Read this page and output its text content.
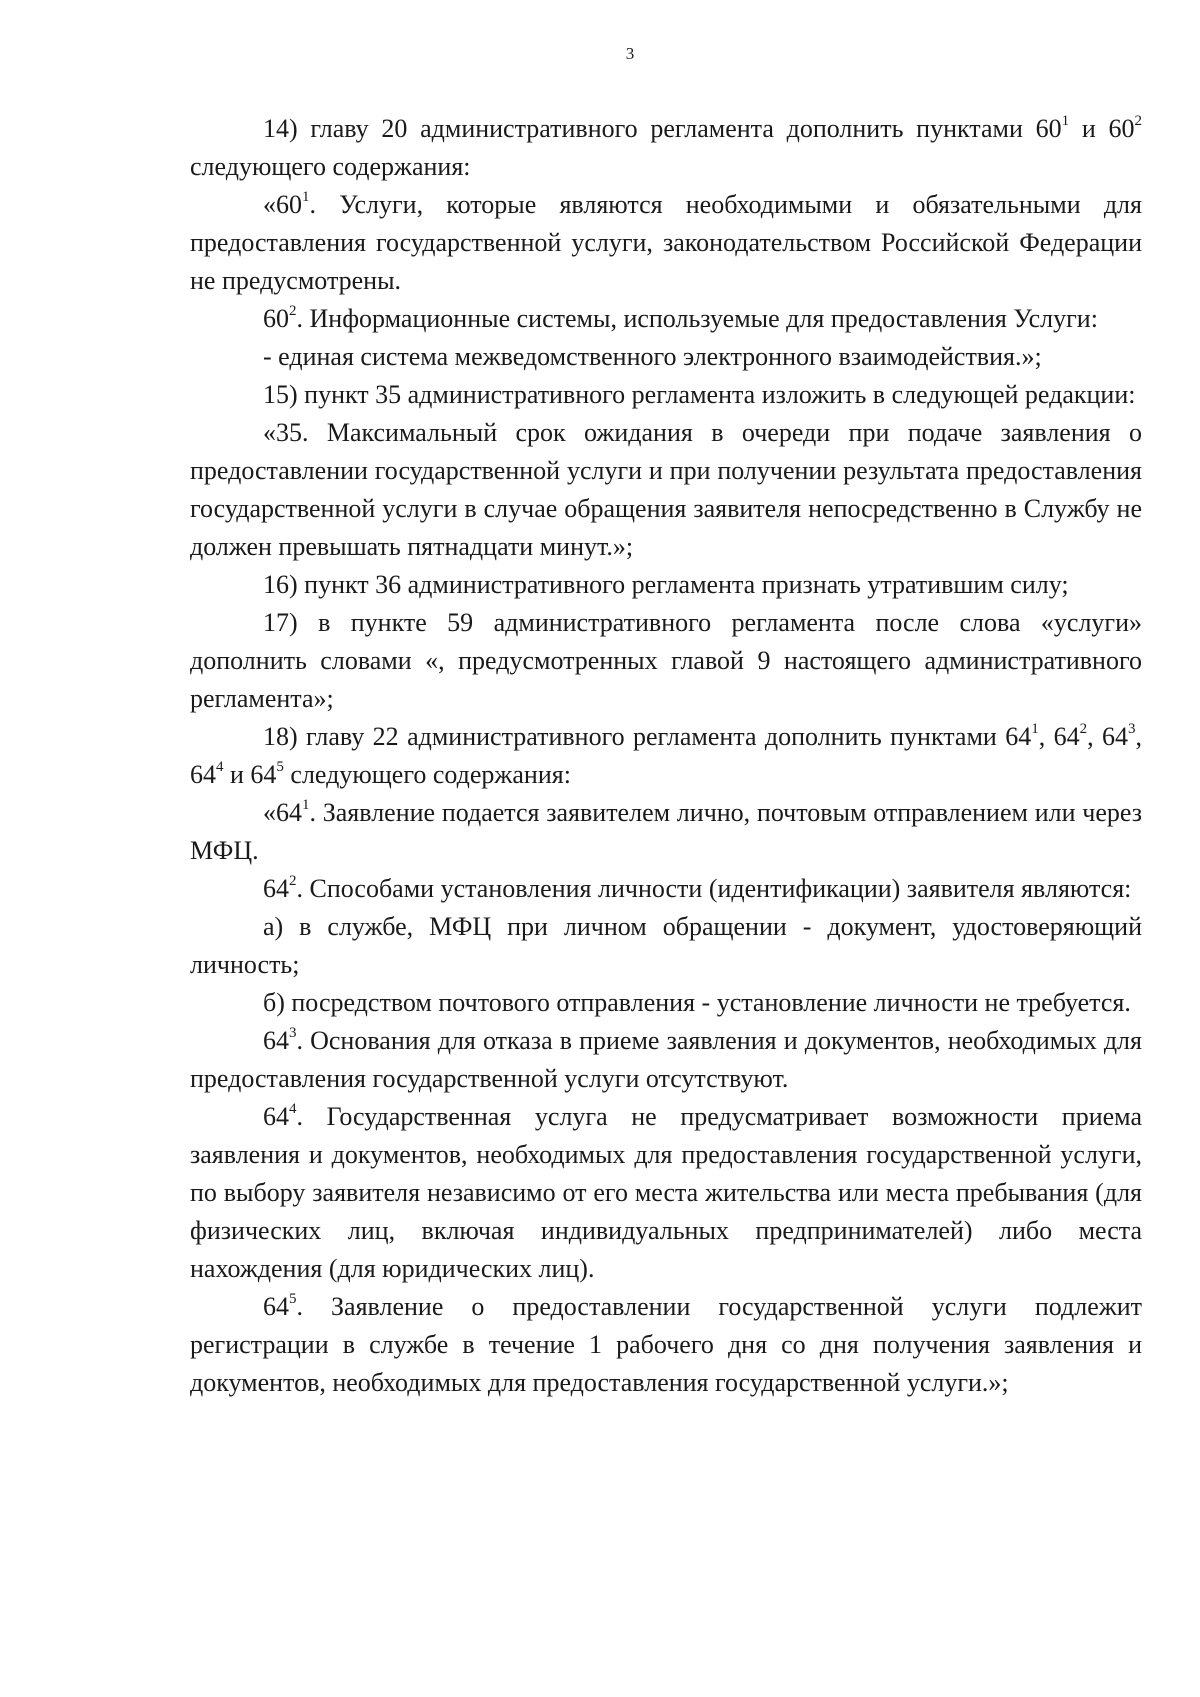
3

14) главу 20 административного регламента дополнить пунктами $60^1$ и $60^2$ следующего содержания:

«$60^1$. Услуги, которые являются необходимыми и обязательными для предоставления государственной услуги, законодательством Российской Федерации не предусмотрены.

$60^2$. Информационные системы, используемые для предоставления Услуги:

- единая система межведомственного электронного взаимодействия.»;

15) пункт 35 административного регламента изложить в следующей редакции:

«35. Максимальный срок ожидания в очереди при подаче заявления о предоставлении государственной услуги и при получении результата предоставления государственной услуги в случае обращения заявителя непосредственно в Службу не должен превышать пятнадцати минут.»;

16) пункт 36 административного регламента признать утратившим силу;

17) в пункте 59 административного регламента после слова «услуги» дополнить словами «, предусмотренных главой 9 настоящего административного регламента»;

18) главу 22 административного регламента дополнить пунктами $64^1$, $64^2$, $64^3$, $64^4$ и $64^5$ следующего содержания:

«$64^1$. Заявление подается заявителем лично, почтовым отправлением или через МФЦ.

$64^2$. Способами установления личности (идентификации) заявителя являются:

а) в службе, МФЦ при личном обращении - документ, удостоверяющий личность;

б) посредством почтового отправления - установление личности не требуется.

$64^3$. Основания для отказа в приеме заявления и документов, необходимых для предоставления государственной услуги отсутствуют.

$64^4$. Государственная услуга не предусматривает возможности приема заявления и документов, необходимых для предоставления государственной услуги, по выбору заявителя независимо от его места жительства или места пребывания (для физических лиц, включая индивидуальных предпринимателей) либо места нахождения (для юридических лиц).

$64^5$. Заявление о предоставлении государственной услуги подлежит регистрации в службе в течение 1 рабочего дня со дня получения заявления и документов, необходимых для предоставления государственной услуги.»;
